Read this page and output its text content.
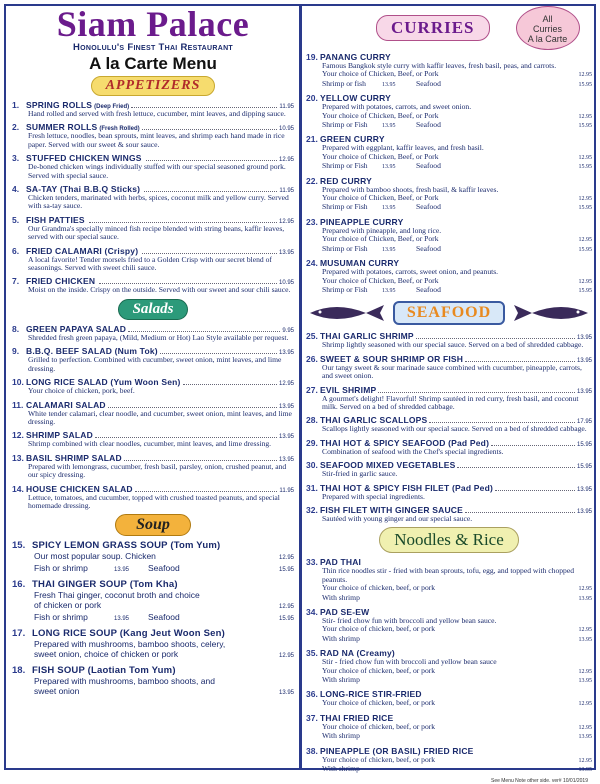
Siam Palace
Honolulu's Finest Thai Restaurant
A la Carte Menu
APPETIZERS
1. SPRING ROLLS (Deep Fried)	11.95
Hand rolled and served with fresh lettuce, cucumber, mint leaves, and dipping sauce.
2. SUMMER ROLLS (Fresh Rolled)	10.95
Fresh lettuce, noodles, bean sprouts, mint leaves, and shrimp each hand made in rice paper. Served with our sweet & sour sauce.
3. STUFFED CHICKEN WINGS	12.95
De-boned chicken wings individually stuffed with our special seasoned ground pork. Served with special sauce.
4. SA-TAY (Thai B.B.Q Sticks)	11.95
Chicken tenders, marinated with herbs, spices, coconut milk and yellow curry. Served with sa-tay sauce.
5. FISH PATTIES	12.95
Our Grandma's specially minced fish recipe blended with string beans, kaffir leaves, served with our special sauce.
6. FRIED CALAMARI (Crispy)	13.95
A local favorite! Tender morsels fried to a Golden Crisp with our secret blend of seasonings. Served with sweet chili sauce.
7. FRIED CHICKEN	10.95
Moist on the inside. Crispy on the outside. Served with our sweet and sour chili sauce.
Salads
8. GREEN PAPAYA SALAD	9.95
Shredded fresh green papaya, (Mild, Medium or Hot) Lao Style available per request.
9. B.B.Q. BEEF SALAD (Num Tok)	13.95
Grilled to perfection. Combined with cucumber, sweet onion, mint leaves, and lime dressing.
10. LONG RICE SALAD (Yum Woon Sen)	12.95
Your choice of chicken, pork, beef.
11. CALAMARI SALAD	13.95
White tender calamari, clear noodle, and cucumber, sweet onion, mint leaves, and lime dressing.
12. SHRIMP SALAD	13.95
Shrimp combined with clear noodles, cucumber, mint leaves, and lime dressing.
13. BASIL SHRIMP SALAD	13.95
Prepared with lemongrass, cucumber, fresh basil, parsley, onion, crushed peanut, and our spicy dressing.
14. HOUSE CHICKEN SALAD	11.95
Lettuce, tomatoes, and cucumber, topped with crushed toasted peanuts, and special homemade dressing.
Soup
15. SPICY LEMON GRASS SOUP (Tom Yum)
Our most popular soup. Chicken	12.95
Fish or shrimp	13.95	Seafood	15.95
16. THAI GINGER SOUP (Tom Kha)
Fresh Thai ginger, coconut broth and choice
of chicken or pork	12.95
Fish or shrimp	13.95	Seafood	15.95
17. LONG RICE SOUP (Kang Jeut Woon Sen)
Prepared with mushrooms, bamboo shoots, celery,
sweet onion, choice of chicken or pork	12.95
18. FISH SOUP (Laotian Tom Yum)
Prepared with mushrooms, bamboo shoots, and
sweet onion	13.95
CURRIES	All
Curries
A la Carte
19. PANANG CURRY
Famous Bangkok style curry with kaffir leaves, fresh basil, peas, and carrots.
Your choice of Chicken, Beef, or Pork	12.95
Shrimp or fish	13.95	Seafood	15.95
20. YELLOW CURRY
Prepared with potatoes, carrots, and sweet onion.
Your choice of Chicken, Beef, or Pork	12.95
Shrimp or Fish	13.95	Seafood	15.95
21. GREEN CURRY
Prepared with eggplant, kaffir leaves, and fresh basil.
Your choice of Chicken, Beef, or Pork	12.95
Shrimp or Fish	13.95	Seafood	15.95
22. RED CURRY
Prepared with bamboo shoots, fresh basil, & kaffir leaves.
Your choice of Chicken, Beef, or Pork	12.95
Shrimp or Fish	13.95	Seafood	15.95
23. PINEAPPLE CURRY
Prepared with pineapple, and long rice.
Your choice of Chicken, Beef, or Pork	12.95
Shrimp or Fish	13.95	Seafood	15.95
24. MUSUMAN CURRY
Prepared with potatoes, carrots, sweet onion, and peanuts.
Your choice of Chicken, Beef, or Pork	12.95
Shrimp or Fish	13.95	Seafood	15.95
SEAFOOD
25. THAI GARLIC SHRIMP	13.95
Shrimp lightly seasoned with our special sauce. Served on a bed of shredded cabbage.
26. SWEET & SOUR SHRIMP OR FISH	13.95
Our tangy sweet & sour marinade sauce combined with cucumber, pineapple, carrots, and sweet onion.
27. EVIL SHRIMP	13.95
A gourmet's delight! Flavorful! Shrimp sautéed in red curry, fresh basil, and coconut milk. Served on a bed of shredded cabbage.
28. THAI GARLIC SCALLOPS	17.95
Scallops lightly seasoned with our special sauce. Served on a bed of shredded cabbage.
29. THAI HOT & SPICY SEAFOOD (Pad Ped)	15.95
Combination of seafood with the Chef's special ingredients.
30. SEAFOOD MIXED VEGETABLES	15.95
Stir-fried in garlic sauce.
31. THAI HOT & SPICY FISH FILET (Pad Ped)	13.95
Prepared with special ingredients.
32. FISH FILET WITH GINGER SAUCE	13.95
Sautéed with young ginger and our special sauce.
Noodles & Rice
33. PAD THAI
Thin rice noodles stir - fried with bean sprouts, tofu, egg, and topped with chopped peanuts.
Your choice of chicken, beef, or pork	12.95
With shrimp	13.95
34. PAD SE-EW
Stir- fried chow fun with broccoli and yellow bean sauce.
Your choice of chicken, beef, or pork	12.95
With shrimp	13.95
35. RAD NA (Creamy)
Stir - fried chow fun with broccoli and yellow bean sauce
Your choice of chicken, beef, or pork	12.95
With shrimp	13.95
36. LONG-RICE STIR-FRIED
Your choice of chicken, beef, or pork	12.95
37. THAI FRIED RICE
Your choice of chicken, beef, or pork	12.95
With shrimp	13.95
38. PINEAPPLE (OR BASIL) FRIED RICE
Your choice of chicken, beef, or pork	12.95
With shrimp	13.95
See Menu Note other side. ver# 10/01/2019
